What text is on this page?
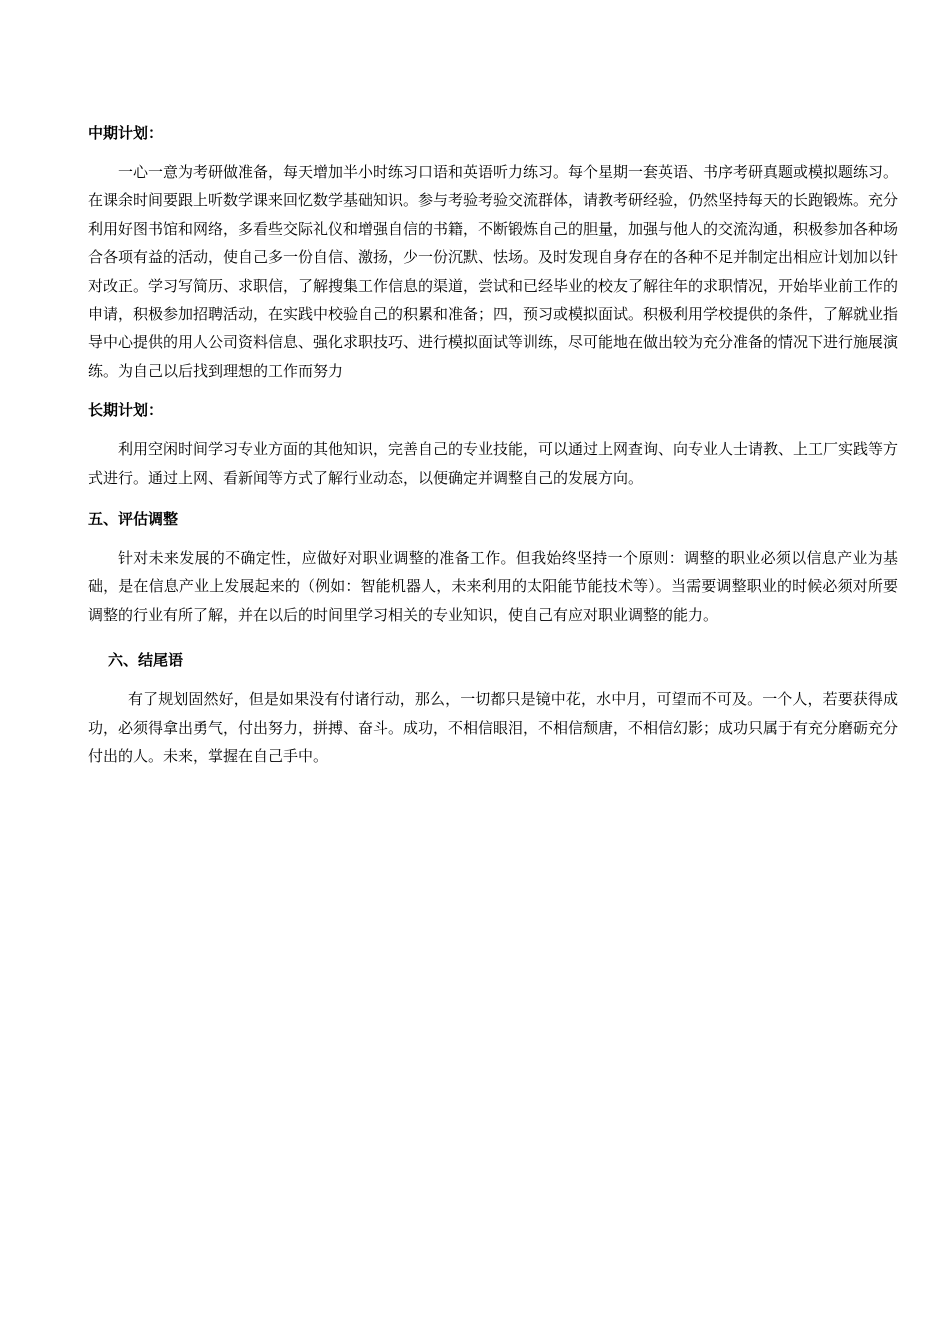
中期计划：

一心一意为考研做准备，每天增加半小时练习口语和英语听力练习。每个星期一套英语、书序考研真题或模拟题练习。在课余时间要跟上听数学课来回忆数学基础知识。参与考验考验交流群体，请教考研经验，仍然坚持每天的长跑锻炼。充分利用好图书馆和网络，多看些交际礼仪和增强自信的书籍，不断锻炼自己的胆量，加强与他人的交流沟通，积极参加各种场合各项有益的活动，使自己多一份自信、激扬，少一份沉默、怯场。及时发现自身存在的各种不足并制定出相应计划加以针对改正。学习写简历、求职信，了解搜集工作信息的渠道，尝试和已经毕业的校友了解往年的求职情况，开始毕业前工作的申请，积极参加招聘活动，在实践中校验自己的积累和准备；四，预习或模拟面试。积极利用学校提供的条件，了解就业指导中心提供的用人公司资料信息、强化求职技巧、进行模拟面试等训练，尽可能地在做出较为充分准备的情况下进行施展演练。为自己以后找到理想的工作而努力

长期计划：

利用空闲时间学习专业方面的其他知识，完善自己的专业技能，可以通过上网查询、向专业人士请教、上工厂实践等方式进行。通过上网、看新闻等方式了解行业动态，以便确定并调整自己的发展方向。

五、评估调整

针对未来发展的不确定性，应做好对职业调整的准备工作。但我始终坚持一个原则：调整的职业必须以信息产业为基础，是在信息产业上发展起来的（例如：智能机器人，未来利用的太阳能节能技术等）。当需要调整职业的时候必须对所要调整的行业有所了解，并在以后的时间里学习相关的专业知识，使自己有应对职业调整的能力。

六、结尾语

有了规划固然好，但是如果没有付诸行动，那么，一切都只是镜中花，水中月，可望而不可及。一个人，若要获得成功，必须得拿出勇气，付出努力，拼搏、奋斗。成功，不相信眼泪，不相信颓唐，不相信幻影；成功只属于有充分磨砺充分付出的人。未来，掌握在自己手中。
